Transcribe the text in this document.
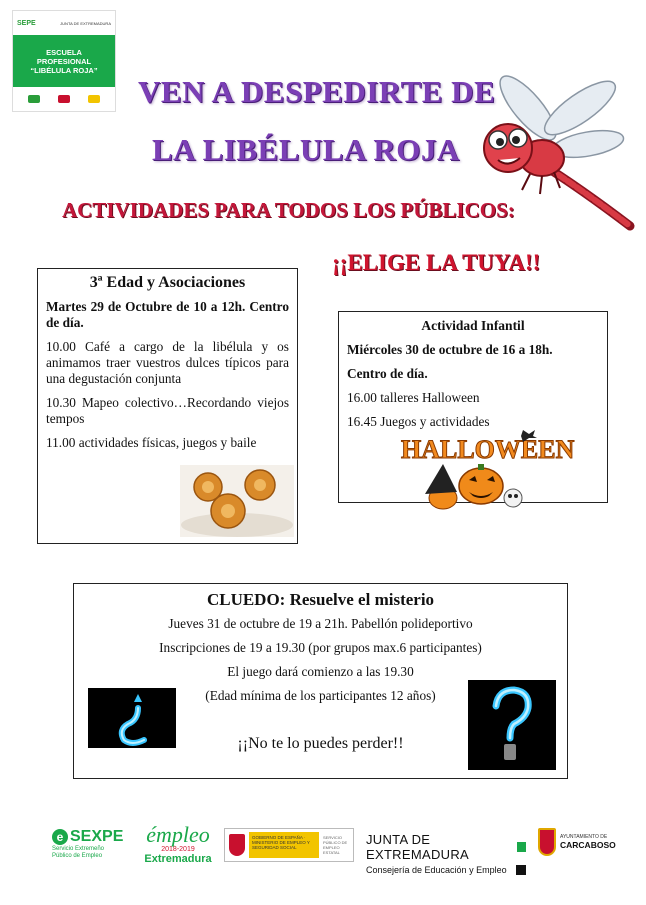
SEPE	JUNTA DE EXTREMADURA
ESCUELA
PROFESIONAL
“LIBÉLULA ROJA”
VEN A DESPEDIRTE DE
LA LIBÉLULA ROJA
ACTIVIDADES PARA TODOS LOS PÚBLICOS:
¡¡ELIGE LA TUYA!!
3ª Edad y Asociaciones
Martes 29 de Octubre de 10 a 12h. Centro de día.

10.00 Café a cargo de la libélula y os animamos traer vuestros dulces típicos para una degustación conjunta

10.30 Mapeo colectivo…Recordando viejos tempos

11.00 actividades físicas, juegos y baile

Actividad Infantil
Miércoles 30 de octubre de 16 a 18h.
Centro de día.
16.00 talleres Halloween
16.45 Juegos y actividades
HALLOWEEN
CLUEDO: Resuelve el misterio
Jueves 31 de octubre de 19 a 21h. Pabellón polideportivo
Inscripciones de 19 a 19.30 (por grupos max.6 participantes)
El juego dará comienzo a las 19.30
(Edad mínima de los participantes 12 años)
¡¡No te lo puedes perder!!
e SEXPE
Servicio Extremeño
Público de Empleo
émpleo
2018-2019
Extremadura
GOBIERNO DE ESPAÑA · MINISTERIO DE EMPLEO Y SEGURIDAD SOCIAL
SERVICIO PÚBLICO DE EMPLEO ESTATAL
JUNTA DE EXTREMADURA
Consejería de Educación y Empleo
AYUNTAMIENTO DE
CARCABOSO
